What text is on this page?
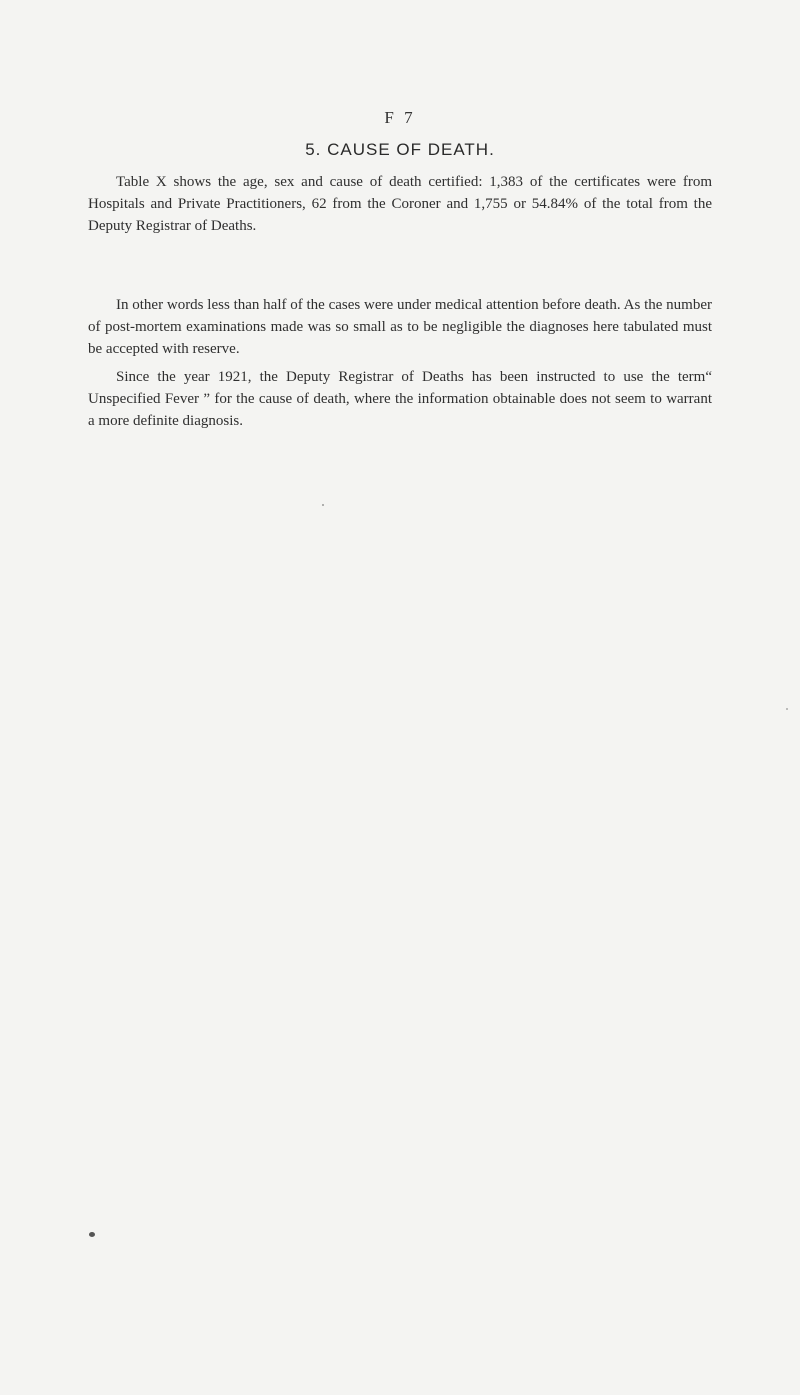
F 7
5. CAUSE OF DEATH.

Table X shows the age, sex and cause of death certified: 1,383 of the certificates were from Hospitals and Private Practitioners, 62 from the Coroner and 1,755 or 54.84% of the total from the Deputy Registrar of Deaths.

In other words less than half of the cases were under medical attention before death. As the number of post-mortem examinations made was so small as to be negligible the diagnoses here tabulated must be accepted with reserve.

Since the year 1921, the Deputy Registrar of Deaths has been instructed to use the term“ Unspecified Fever ” for the cause of death, where the information obtainable does not seem to warrant a more definite diagnosis.
